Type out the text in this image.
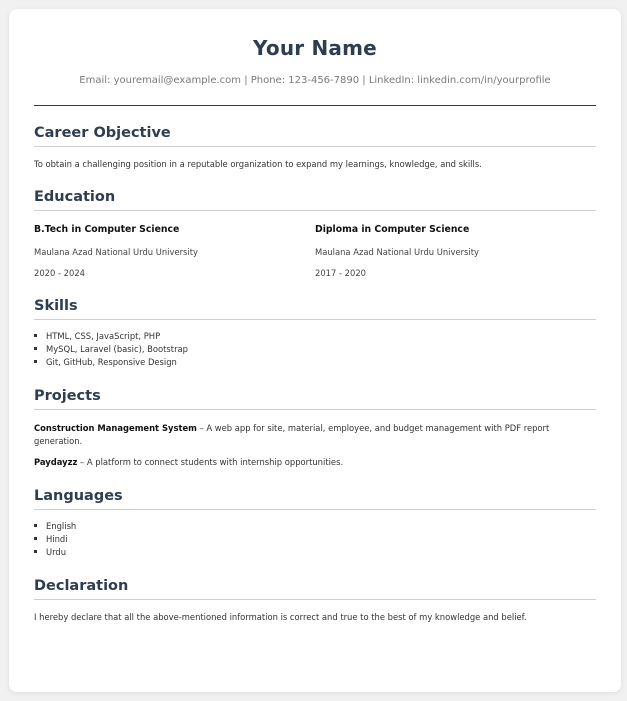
Your Name
Email: youremail@example.com | Phone: 123-456-7890 | LinkedIn: linkedin.com/in/yourprofile
Career Objective
To obtain a challenging position in a reputable organization to expand my learnings, knowledge, and skills.
Education
B.Tech in Computer Science
Maulana Azad National Urdu University
2020 - 2024
Diploma in Computer Science
Maulana Azad National Urdu University
2017 - 2020
Skills
HTML, CSS, JavaScript, PHP
MySQL, Laravel (basic), Bootstrap
Git, GitHub, Responsive Design
Projects
Construction Management System – A web app for site, material, employee, and budget management with PDF report generation.
Paydayzz – A platform to connect students with internship opportunities.
Languages
English
Hindi
Urdu
Declaration
I hereby declare that all the above-mentioned information is correct and true to the best of my knowledge and belief.
